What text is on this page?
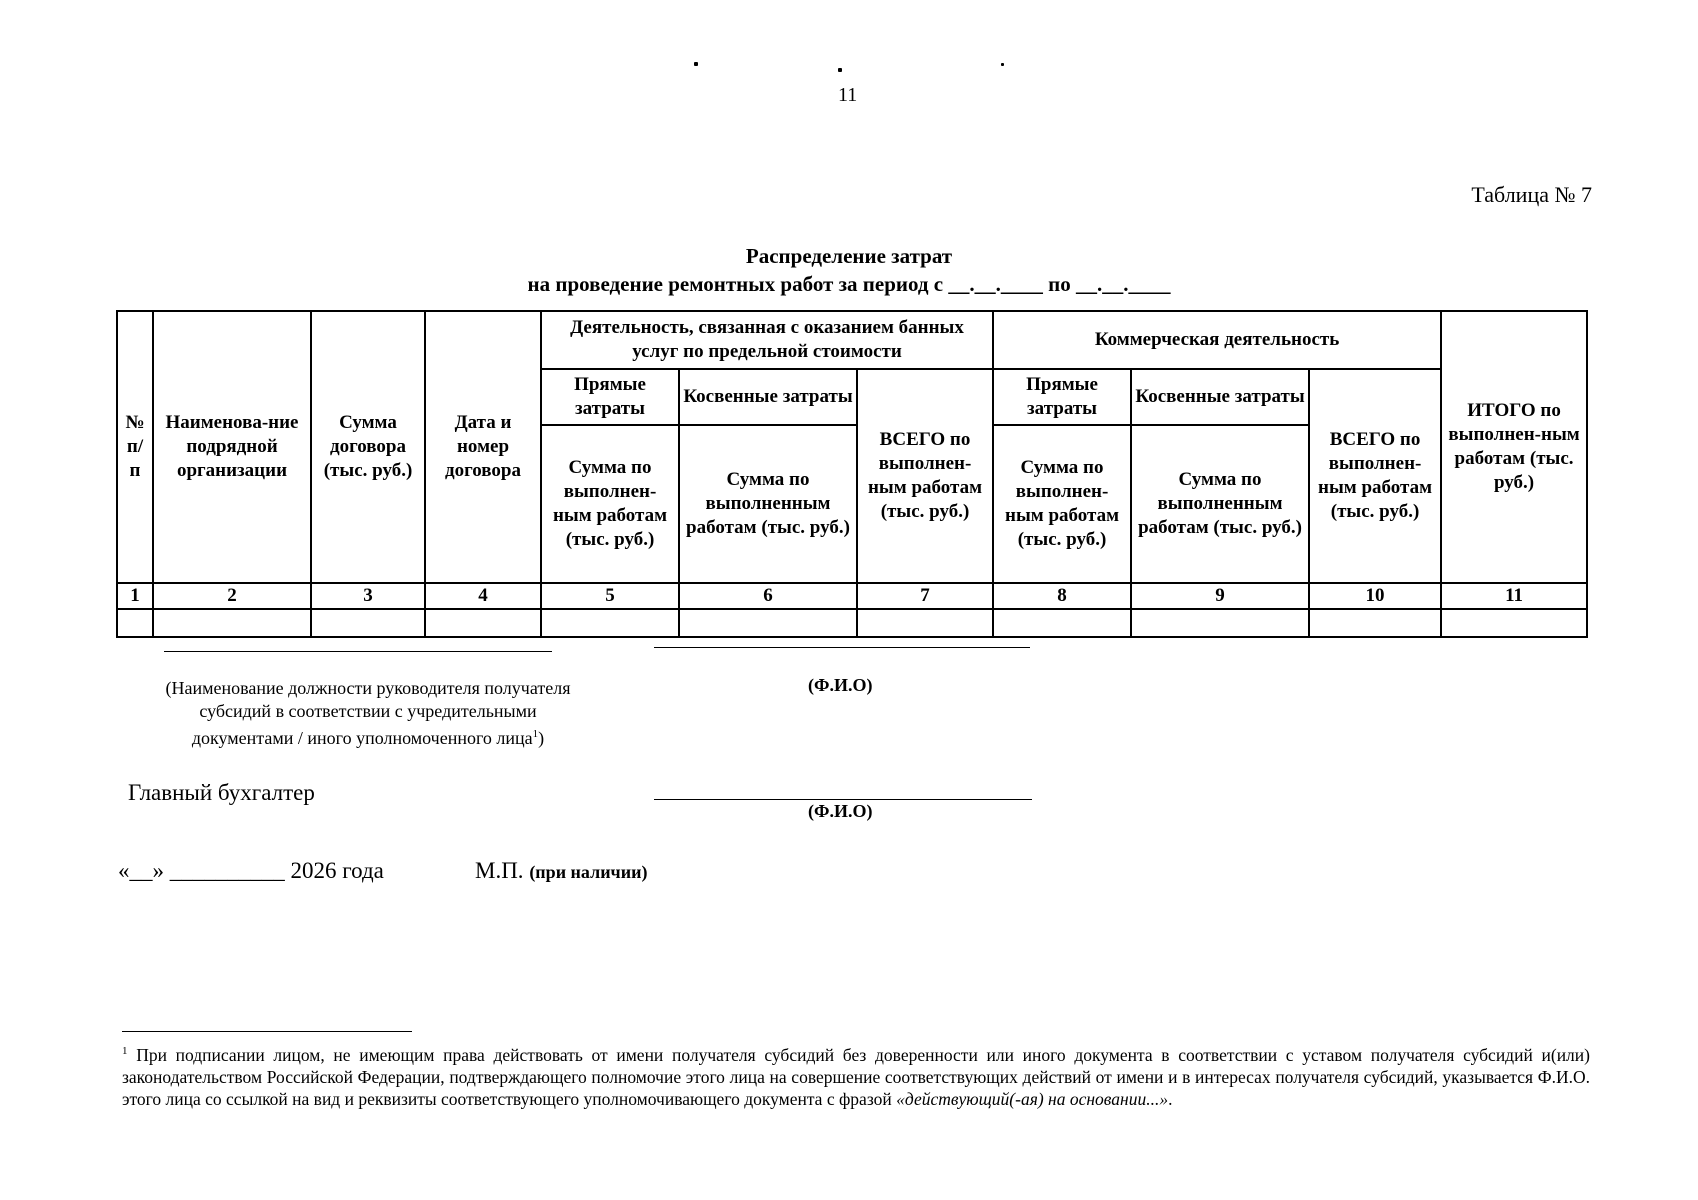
11
Таблица № 7
Распределение затрат
на проведение ремонтных работ за период с __.__.____ по __.__.____
№ п/ п	Наименова-ние подрядной организации	Сумма договора (тыс. руб.)	Дата и номер договора	Деятельность, связанная с оказанием банных услуг по предельной стоимости			Коммерческая деятельность			ИТОГО по выполнен-ным работам (тыс. руб.)
				Прямые затраты	Косвенные затраты	ВСЕГО по выполнен-ным работам (тыс. руб.)	Прямые затраты	Косвенные затраты	ВСЕГО по выполнен-ным работам (тыс. руб.)	
				Сумма по выполнен-ным работам (тыс. руб.)	Сумма по выполненным работам (тыс. руб.)		Сумма по выполнен-ным работам (тыс. руб.)	Сумма по выполненным работам (тыс. руб.)		
1	2	3	4	5	6	7	8	9	10	11

(Наименование должности руководителя получателя
субсидий в соответствии с учредительными
документами / иного уполномоченного лица$^1$)
(Ф.И.О)
Главный бухгалтер
(Ф.И.О)
«__» __________ 2026 года	М.П. (при наличии)
$^1$ При подписании лицом, не имеющим права действовать от имени получателя субсидий без доверенности или иного документа в соответствии с уставом получателя субсидий и(или) законодательством Российской Федерации, подтверждающего полномочие этого лица на совершение соответствующих действий от имени и в интересах получателя субсидий, указывается Ф.И.О. этого лица со ссылкой на вид и реквизиты соответствующего уполномочивающего документа с фразой «действующий(-ая) на основании...».
